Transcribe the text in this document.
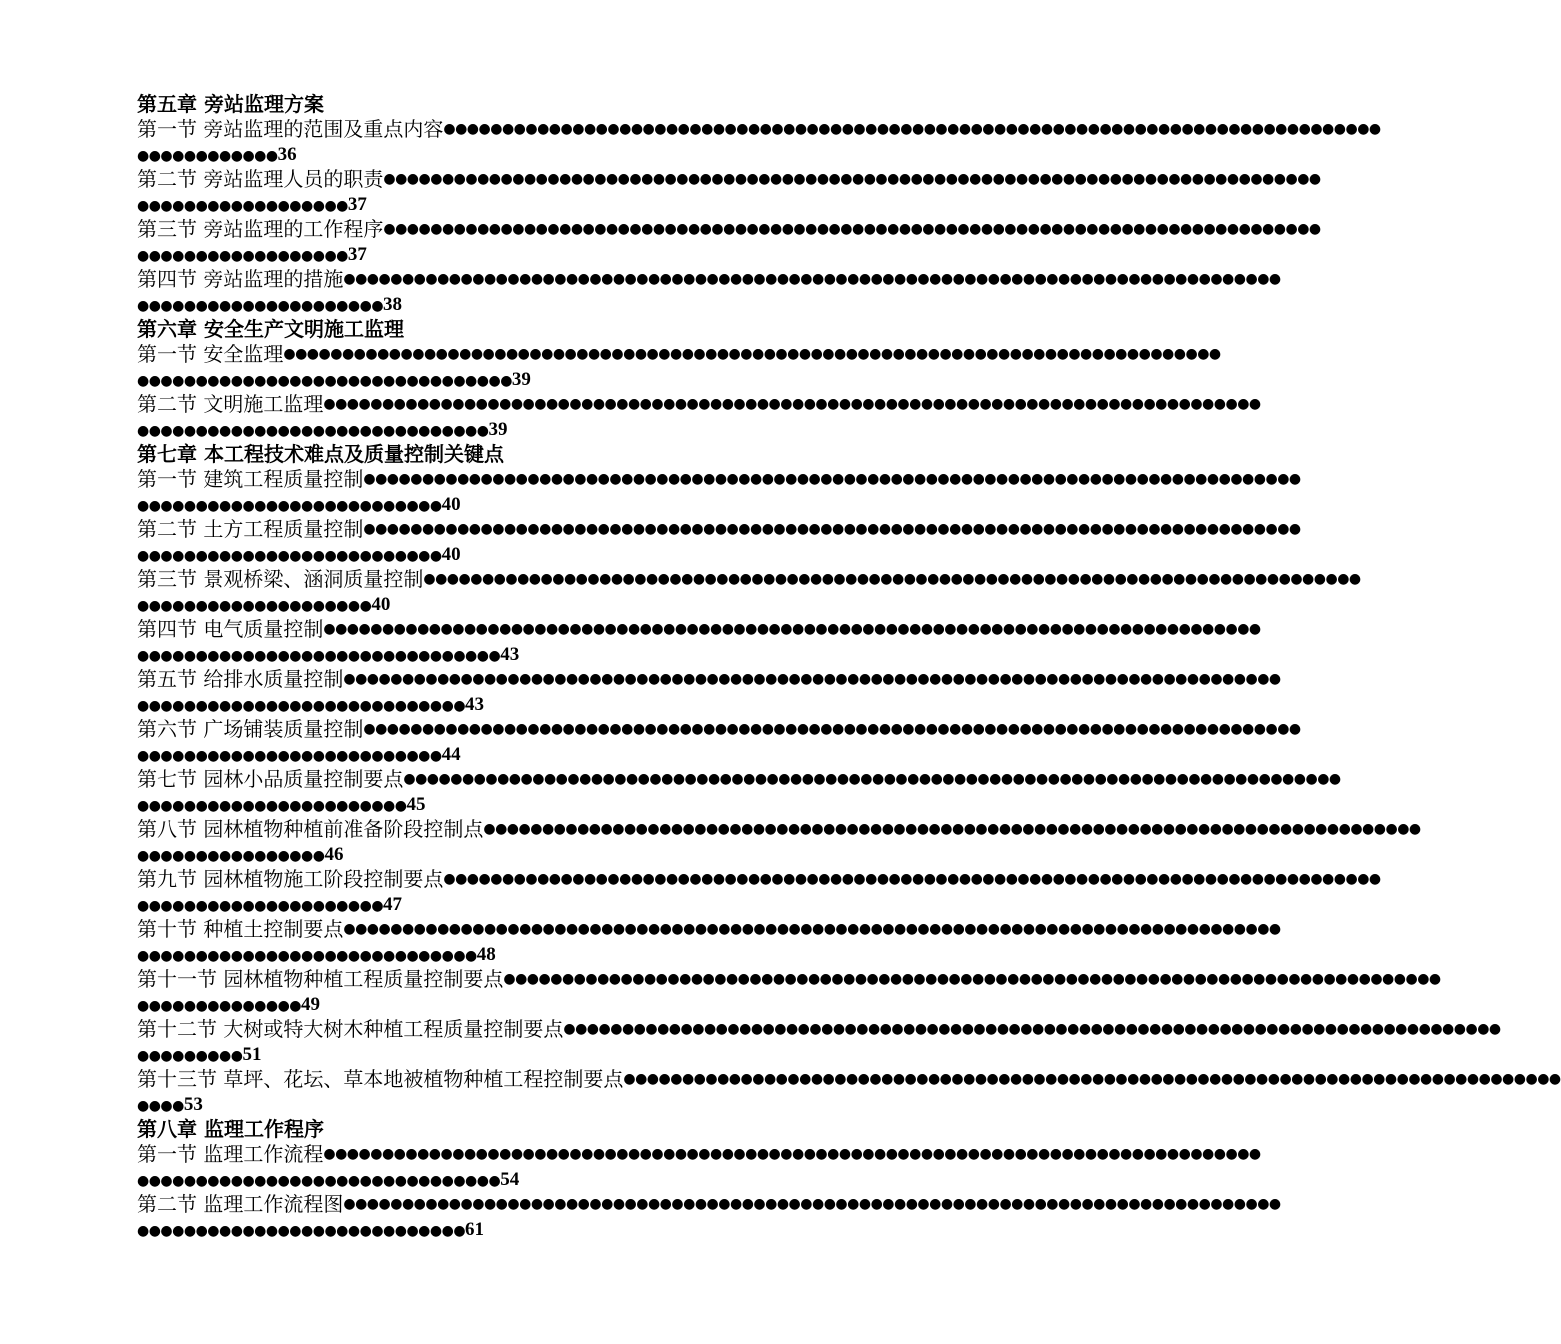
第五章 旁站监理方案
第一节 旁站监理的范围及重点内容 ●●●●●●●●●●●●●●●●●●●●●●●●●●●●●●●●●●●●●●●●●●●●●●●●●●●●●●●●●●●●●●●●●●●●●●●●●●●●●●●●
●●●●●●●●●●●● 36
第二节 旁站监理人员的职责 ●●●●●●●●●●●●●●●●●●●●●●●●●●●●●●●●●●●●●●●●●●●●●●●●●●●●●●●●●●●●●●●●●●●●●●●●●●●●●●●●
●●●●●●●●●●●●●●●●●● 37
第三节 旁站监理的工作程序 ●●●●●●●●●●●●●●●●●●●●●●●●●●●●●●●●●●●●●●●●●●●●●●●●●●●●●●●●●●●●●●●●●●●●●●●●●●●●●●●●
●●●●●●●●●●●●●●●●●● 37
第四节 旁站监理的措施 ●●●●●●●●●●●●●●●●●●●●●●●●●●●●●●●●●●●●●●●●●●●●●●●●●●●●●●●●●●●●●●●●●●●●●●●●●●●●●●●●
●●●●●●●●●●●●●●●●●●●●● 38
第六章 安全生产文明施工监理
第一节 安全监理 ●●●●●●●●●●●●●●●●●●●●●●●●●●●●●●●●●●●●●●●●●●●●●●●●●●●●●●●●●●●●●●●●●●●●●●●●●●●●●●●●
●●●●●●●●●●●●●●●●●●●●●●●●●●●●●●●● 39
第二节 文明施工监理 ●●●●●●●●●●●●●●●●●●●●●●●●●●●●●●●●●●●●●●●●●●●●●●●●●●●●●●●●●●●●●●●●●●●●●●●●●●●●●●●●
●●●●●●●●●●●●●●●●●●●●●●●●●●●●●● 39
第七章 本工程技术难点及质量控制关键点
第一节 建筑工程质量控制 ●●●●●●●●●●●●●●●●●●●●●●●●●●●●●●●●●●●●●●●●●●●●●●●●●●●●●●●●●●●●●●●●●●●●●●●●●●●●●●●●
●●●●●●●●●●●●●●●●●●●●●●●●●● 40
第二节 土方工程质量控制 ●●●●●●●●●●●●●●●●●●●●●●●●●●●●●●●●●●●●●●●●●●●●●●●●●●●●●●●●●●●●●●●●●●●●●●●●●●●●●●●●
●●●●●●●●●●●●●●●●●●●●●●●●●● 40
第三节 景观桥梁、涵洞质量控制 ●●●●●●●●●●●●●●●●●●●●●●●●●●●●●●●●●●●●●●●●●●●●●●●●●●●●●●●●●●●●●●●●●●●●●●●●●●●●●●●●
●●●●●●●●●●●●●●●●●●●● 40
第四节 电气质量控制 ●●●●●●●●●●●●●●●●●●●●●●●●●●●●●●●●●●●●●●●●●●●●●●●●●●●●●●●●●●●●●●●●●●●●●●●●●●●●●●●●
●●●●●●●●●●●●●●●●●●●●●●●●●●●●●●● 43
第五节 给排水质量控制 ●●●●●●●●●●●●●●●●●●●●●●●●●●●●●●●●●●●●●●●●●●●●●●●●●●●●●●●●●●●●●●●●●●●●●●●●●●●●●●●●
●●●●●●●●●●●●●●●●●●●●●●●●●●●● 43
第六节 广场铺装质量控制 ●●●●●●●●●●●●●●●●●●●●●●●●●●●●●●●●●●●●●●●●●●●●●●●●●●●●●●●●●●●●●●●●●●●●●●●●●●●●●●●●
●●●●●●●●●●●●●●●●●●●●●●●●●● 44
第七节 园林小品质量控制要点 ●●●●●●●●●●●●●●●●●●●●●●●●●●●●●●●●●●●●●●●●●●●●●●●●●●●●●●●●●●●●●●●●●●●●●●●●●●●●●●●●
●●●●●●●●●●●●●●●●●●●●●●● 45
第八节 园林植物种植前准备阶段控制点 ●●●●●●●●●●●●●●●●●●●●●●●●●●●●●●●●●●●●●●●●●●●●●●●●●●●●●●●●●●●●●●●●●●●●●●●●●●●●●●●●
●●●●●●●●●●●●●●●● 46
第九节 园林植物施工阶段控制要点 ●●●●●●●●●●●●●●●●●●●●●●●●●●●●●●●●●●●●●●●●●●●●●●●●●●●●●●●●●●●●●●●●●●●●●●●●●●●●●●●●
●●●●●●●●●●●●●●●●●●●●● 47
第十节 种植土控制要点 ●●●●●●●●●●●●●●●●●●●●●●●●●●●●●●●●●●●●●●●●●●●●●●●●●●●●●●●●●●●●●●●●●●●●●●●●●●●●●●●●
●●●●●●●●●●●●●●●●●●●●●●●●●●●●● 48
第十一节 园林植物种植工程质量控制要点 ●●●●●●●●●●●●●●●●●●●●●●●●●●●●●●●●●●●●●●●●●●●●●●●●●●●●●●●●●●●●●●●●●●●●●●●●●●●●●●●●
●●●●●●●●●●●●●● 49
第十二节 大树或特大树木种植工程质量控制要点 ●●●●●●●●●●●●●●●●●●●●●●●●●●●●●●●●●●●●●●●●●●●●●●●●●●●●●●●●●●●●●●●●●●●●●●●●●●●●●●●●
●●●●●●●●● 51
第十三节 草坪、花坛、草本地被植物种植工程控制要点 ●●●●●●●●●●●●●●●●●●●●●●●●●●●●●●●●●●●●●●●●●●●●●●●●●●●●●●●●●●●●●●●●●●●●●●●●●●●●●●●●
●●●● 53
第八章 监理工作程序
第一节 监理工作流程 ●●●●●●●●●●●●●●●●●●●●●●●●●●●●●●●●●●●●●●●●●●●●●●●●●●●●●●●●●●●●●●●●●●●●●●●●●●●●●●●●
●●●●●●●●●●●●●●●●●●●●●●●●●●●●●●● 54
第二节 监理工作流程图 ●●●●●●●●●●●●●●●●●●●●●●●●●●●●●●●●●●●●●●●●●●●●●●●●●●●●●●●●●●●●●●●●●●●●●●●●●●●●●●●●
●●●●●●●●●●●●●●●●●●●●●●●●●●●● 61
